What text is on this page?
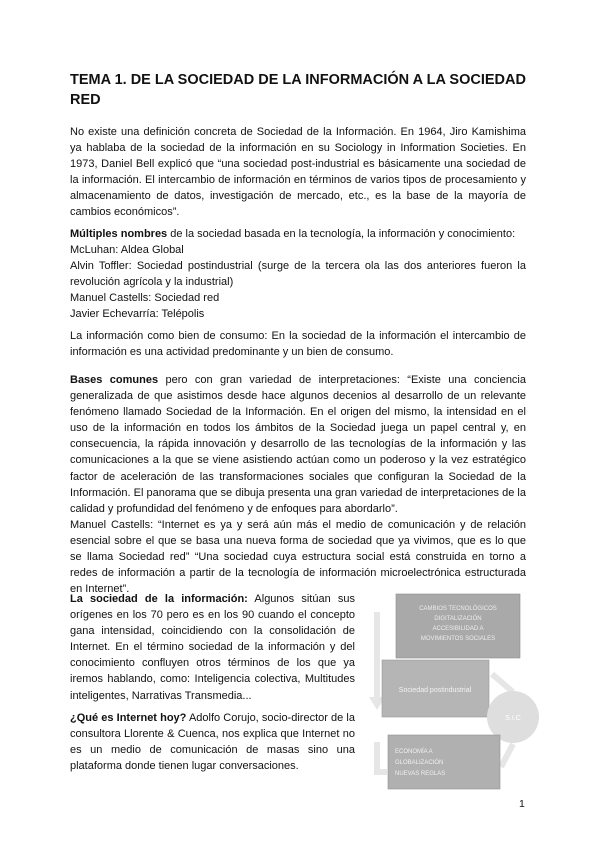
TEMA 1. DE LA SOCIEDAD DE LA INFORMACIÓN A LA SOCIEDAD RED

No existe una definición concreta de Sociedad de la Información. En 1964, Jiro Kamishima ya hablaba de la sociedad de la información en su Sociology in Information Societies. En 1973, Daniel Bell explicó que “una sociedad post-industrial es básicamente una sociedad de la información. El intercambio de información en términos de varios tipos de procesamiento y almacenamiento de datos, investigación de mercado, etc., es la base de la mayoría de cambios económicos”.

Múltiples nombres de la sociedad basada en la tecnología, la información y conocimiento:

McLuhan: Aldea Global

Alvin Toffler: Sociedad postindustrial (surge de la tercera ola las dos anteriores fueron la revolución agrícola y la industrial)

Manuel Castells: Sociedad red

Javier Echevarría: Telépolis

La información como bien de consumo: En la sociedad de la información el intercambio de información es una actividad predominante y un bien de consumo.

Bases comunes pero con gran variedad de interpretaciones: “Existe una conciencia generalizada de que asistimos desde hace algunos decenios al desarrollo de un relevante fenómeno llamado Sociedad de la Información. En el origen del mismo, la intensidad en el uso de la información en todos los ámbitos de la Sociedad juega un papel central y, en consecuencia, la rápida innovación y desarrollo de las tecnologías de la información y las comunicaciones a la que se viene asistiendo actúan como un poderoso y la vez estratégico factor de aceleración de las transformaciones sociales que configuran la Sociedad de la Información. El panorama que se dibuja presenta una gran variedad de interpretaciones de la calidad y profundidad del fenómeno y de enfoques para abordarlo”.

Manuel Castells: “Internet es ya y será aún más el medio de comunicación y de relación esencial sobre el que se basa una nueva forma de sociedad que ya vivimos, que es lo que se llama Sociedad red” “Una sociedad cuya estructura social está construida en torno a redes de información a partir de la tecnología de información microelectrónica estructurada en Internet”.

La sociedad de la información: Algunos sitúan sus orígenes en los 70 pero es en los 90 cuando el concepto gana intensidad, coincidiendo con la consolidación de Internet. En el término sociedad de la información y del conocimiento confluyen otros términos de los que ya iremos hablando, como: Inteligencia colectiva, Multitudes inteligentes, Narrativas Transmedia...

¿Qué es Internet hoy? Adolfo Corujo, socio-director de la consultora Llorente & Cuenca, nos explica que Internet no es un medio de comunicación de masas sino una plataforma donde tienen lugar conversaciones.

CAMBIOS TECNOLÓGICOS
DIGITALIZACIÓN
ACCESIBILIDAD A
MOVIMIENTOS SOCIALES
Sociedad postindustrial
S.I.C
ECONOMÍA A
GLOBALIZACIÓN
NUEVAS REGLAS
1
